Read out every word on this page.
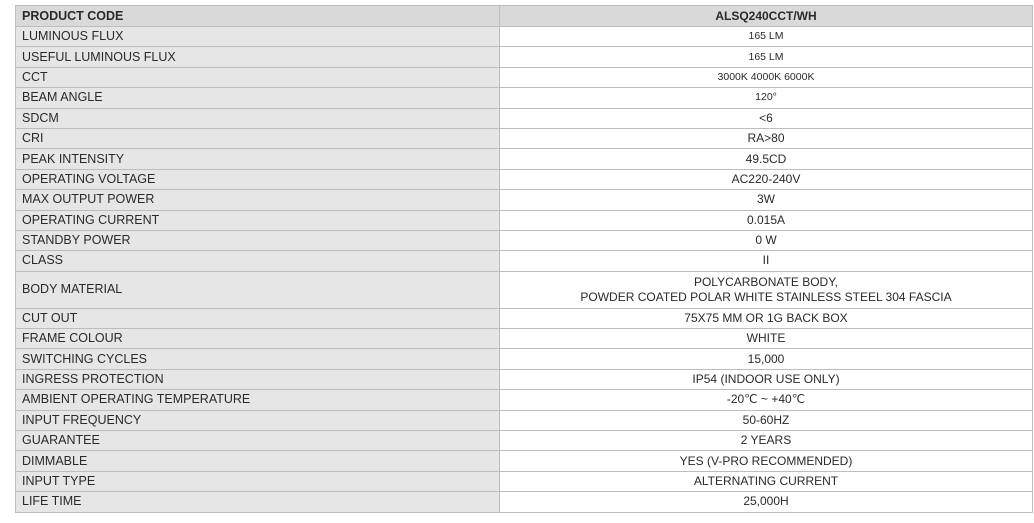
PRODUCT CODE	ALSQ240CCT/WH
LUMINOUS FLUX	165 LM
USEFUL LUMINOUS FLUX	165 LM
CCT	3000K 4000K 6000K
BEAM ANGLE	120°
SDCM	<6
CRI	RA>80
PEAK INTENSITY	49.5CD
OPERATING VOLTAGE	AC220-240V
MAX OUTPUT POWER	3W
OPERATING CURRENT	0.015A
STANDBY POWER	0 W
CLASS	II
BODY MATERIAL	POLYCARBONATE BODY,
POWDER COATED POLAR WHITE STAINLESS STEEL 304 FASCIA

CUT OUT	75X75 MM OR 1G BACK BOX
FRAME COLOUR	WHITE
SWITCHING CYCLES	15,000
INGRESS PROTECTION	IP54 (INDOOR USE ONLY)
AMBIENT OPERATING TEMPERATURE	-20℃ ~ +40℃
INPUT FREQUENCY	50-60HZ
GUARANTEE	2 YEARS
DIMMABLE	YES (V-PRO RECOMMENDED)
INPUT TYPE	ALTERNATING CURRENT
LIFE TIME	25,000H
